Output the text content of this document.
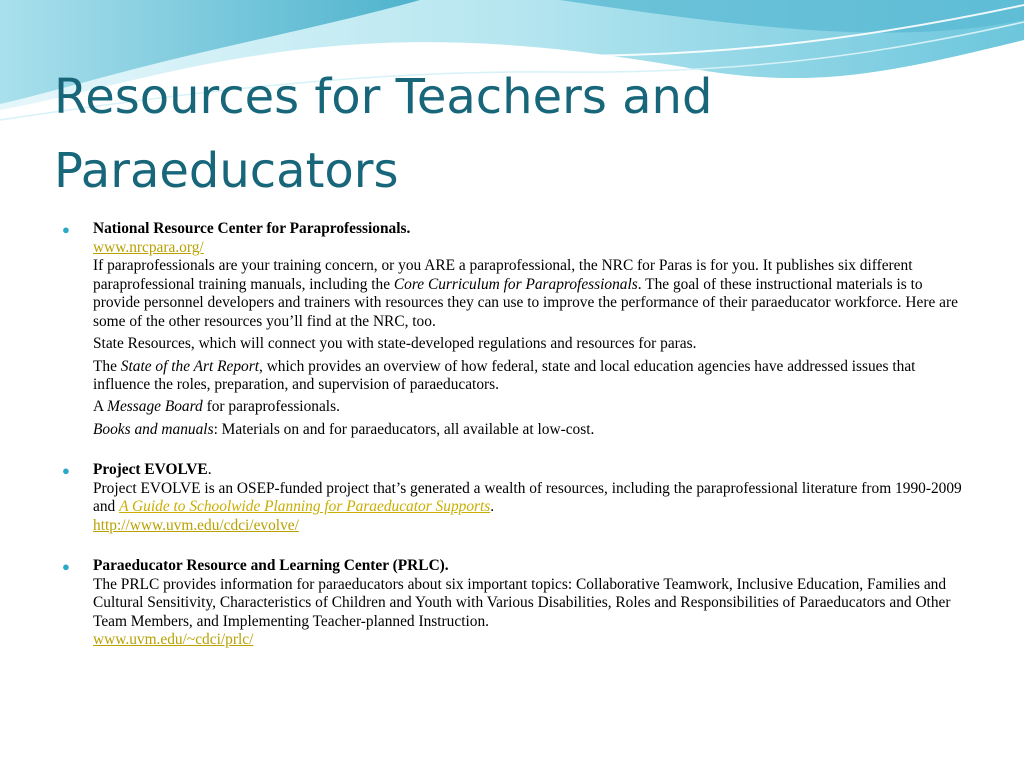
Resources for Teachers and Paraeducators
● National Resource Center for Paraprofessionals.
www.nrcpara.org/
If paraprofessionals are your training concern, or you ARE a paraprofessional, the NRC for Paras is for you. It publishes six different paraprofessional training manuals, including the Core Curriculum for Paraprofessionals. The goal of these instructional materials is to provide personnel developers and trainers with resources they can use to improve the performance of their paraeducator workforce. Here are some of the other resources you’ll find at the NRC, too.
State Resources, which will connect you with state-developed regulations and resources for paras.
The State of the Art Report, which provides an overview of how federal, state and local education agencies have addressed issues that influence the roles, preparation, and supervision of paraeducators.
A Message Board for paraprofessionals.
Books and manuals: Materials on and for paraeducators, all available at low-cost.
● Project EVOLVE.
Project EVOLVE is an OSEP-funded project that’s generated a wealth of resources, including the paraprofessional literature from 1990-2009 and A Guide to Schoolwide Planning for Paraeducator Supports.
http://www.uvm.edu/cdci/evolve/
● Paraeducator Resource and Learning Center (PRLC).
The PRLC provides information for paraeducators about six important topics: Collaborative Teamwork, Inclusive Education, Families and Cultural Sensitivity, Characteristics of Children and Youth with Various Disabilities, Roles and Responsibilities of Paraeducators and Other Team Members, and Implementing Teacher-planned Instruction.
www.uvm.edu/~cdci/prlc/
